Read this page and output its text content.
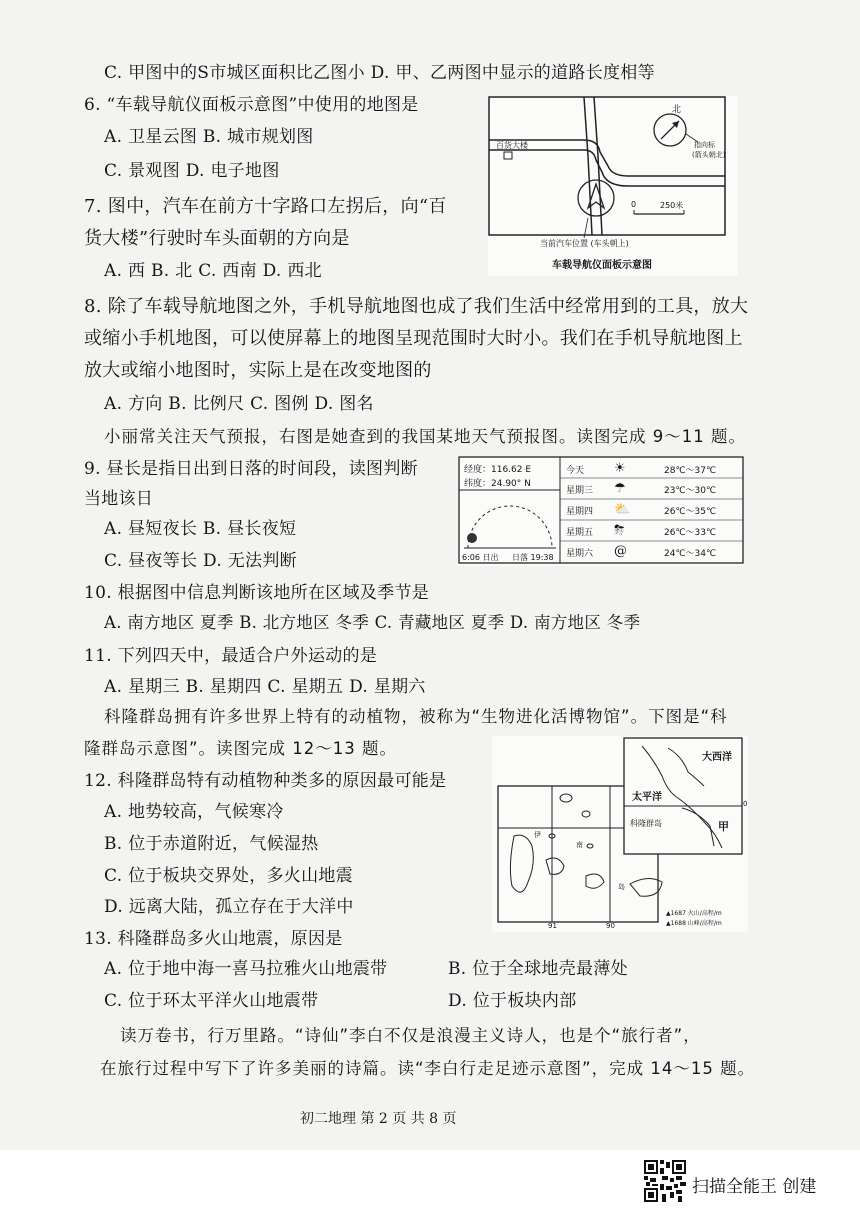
C. 甲图中的S市城区面积比乙图小 D. 甲、乙两图中显示的道路长度相等
6. “车载导航仪面板示意图”中使用的地图是
A. 卫星云图 B. 城市规划图
C. 景观图 D. 电子地图
7. 图中，汽车在前方十字路口左拐后，向“百
货大楼”行驶时车头面朝的方向是
A. 西 B. 北 C. 西南 D. 西北
8. 除了车载导航地图之外，手机导航地图也成了我们生活中经常用到的工具，放大
或缩小手机地图，可以使屏幕上的地图呈现范围时大时小。我们在手机导航地图上
放大或缩小地图时，实际上是在改变地图的
A. 方向 B. 比例尺 C. 图例 D. 图名
小丽常关注天气预报，右图是她查到的我国某地天气预报图。读图完成 9～11 题。
9. 昼长是指日出到日落的时间段，读图判断
当地该日
A. 昼短夜长 B. 昼长夜短
C. 昼夜等长 D. 无法判断
10. 根据图中信息判断该地所在区域及季节是
A. 南方地区 夏季 B. 北方地区 冬季 C. 青藏地区 夏季 D. 南方地区 冬季
11. 下列四天中，最适合户外运动的是
A. 星期三 B. 星期四 C. 星期五 D. 星期六
科隆群岛拥有许多世界上特有的动植物，被称为“生物进化活博物馆”。下图是“科
隆群岛示意图”。读图完成 12～13 题。
12. 科隆群岛特有动植物种类多的原因最可能是
A. 地势较高，气候寒冷
B. 位于赤道附近，气候湿热
C. 位于板块交界处，多火山地震
D. 远离大陆，孤立存在于大洋中
13. 科隆群岛多火山地震，原因是
A. 位于地中海一喜马拉雅火山地震带	B. 位于全球地壳最薄处
C. 位于环太平洋火山地震带	D. 位于板块内部
读万卷书，行万里路。“诗仙”李白不仅是浪漫主义诗人，也是个“旅行者”，
在旅行过程中写下了许多美丽的诗篇。读“李白行走足迹示意图”，完成 14～15 题。
北
指向标
(箭头朝北)
百货大楼
0	250米
当前汽车位置 (车头朝上)
车载导航仪面板示意图
经度：116.62 E
纬度：24.90° N
6:06 日出 日落 19:38
今天 ☀	28℃～37℃
星期三 ☂	23℃～30℃
星期四 ⛅	26℃～35℃
星期五 ⛈	26℃～33℃
星期六 @	24℃～34℃
大西洋
太平洋
甲
科隆群岛
0
91	90
伊
南
岛
▲1687 火山/高程/m
▲1688 山峰/高程/m
初二地理 第 2 页 共 8 页
扫描全能王 创建
